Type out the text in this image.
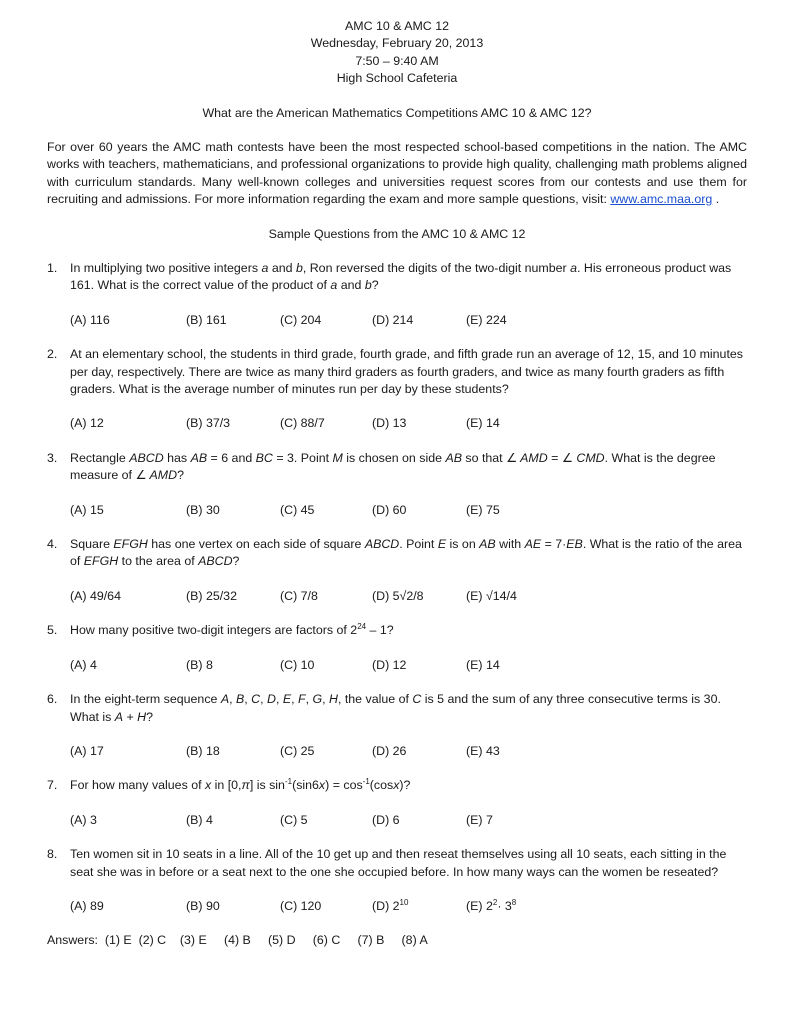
AMC 10 & AMC 12
Wednesday, February 20, 2013
7:50 – 9:40 AM
High School Cafeteria
What are the American Mathematics Competitions AMC 10 & AMC 12?
For over 60 years the AMC math contests have been the most respected school-based competitions in the nation. The AMC works with teachers, mathematicians, and professional organizations to provide high quality, challenging math problems aligned with curriculum standards. Many well-known colleges and universities request scores from our contests and use them for recruiting and admissions. For more information regarding the exam and more sample questions, visit: www.amc.maa.org .
Sample Questions from the AMC 10 & AMC 12
1.	In multiplying two positive integers a and b, Ron reversed the digits of the two-digit number a. His erroneous product was 161. What is the correct value of the product of a and b?
(A) 116	(B) 161	(C) 204	(D) 214	(E) 224
2.	At an elementary school, the students in third grade, fourth grade, and fifth grade run an average of 12, 15, and 10 minutes per day, respectively. There are twice as many third graders as fourth graders, and twice as many fourth graders as fifth graders. What is the average number of minutes run per day by these students?
(A) 12	(B) 37/3	(C) 88/7	(D) 13	(E) 14
3.	Rectangle ABCD has AB = 6 and BC = 3. Point M is chosen on side AB so that ∠ AMD = ∠ CMD. What is the degree measure of ∠ AMD?
(A) 15	(B) 30	(C) 45	(D) 60	(E) 75
4.	Square EFGH has one vertex on each side of square ABCD. Point E is on AB with AE = 7·EB. What is the ratio of the area of EFGH to the area of ABCD?
(A) 49/64	(B) 25/32	(C) 7/8	(D) 5√2/8	(E) √14/4
5.	How many positive two-digit integers are factors of $2^{24} - 1$?
(A) 4	(B) 8	(C) 10	(D) 12	(E) 14
6.	In the eight-term sequence A, B, C, D, E, F, G, H, the value of C is 5 and the sum of any three consecutive terms is 30. What is A + H?
(A) 17	(B) 18	(C) 25	(D) 26	(E) 43
7.	For how many values of x in [0,π] is $\sin^{-1}(\sin 6x) = \cos^{-1}(\cos x)$?
(A) 3	(B) 4	(C) 5	(D) 6	(E) 7
8.	Ten women sit in 10 seats in a line. All of the 10 get up and then reseat themselves using all 10 seats, each sitting in the seat she was in before or a seat next to the one she occupied before. In how many ways can the women be reseated?
(A) 89	(B) 90	(C) 120	(D) $2^{10}$	(E) $2^2\cdot 3^8$
Answers:  (1) E  (2) C    (3) E     (4) B     (5) D     (6) C     (7) B     (8) A
